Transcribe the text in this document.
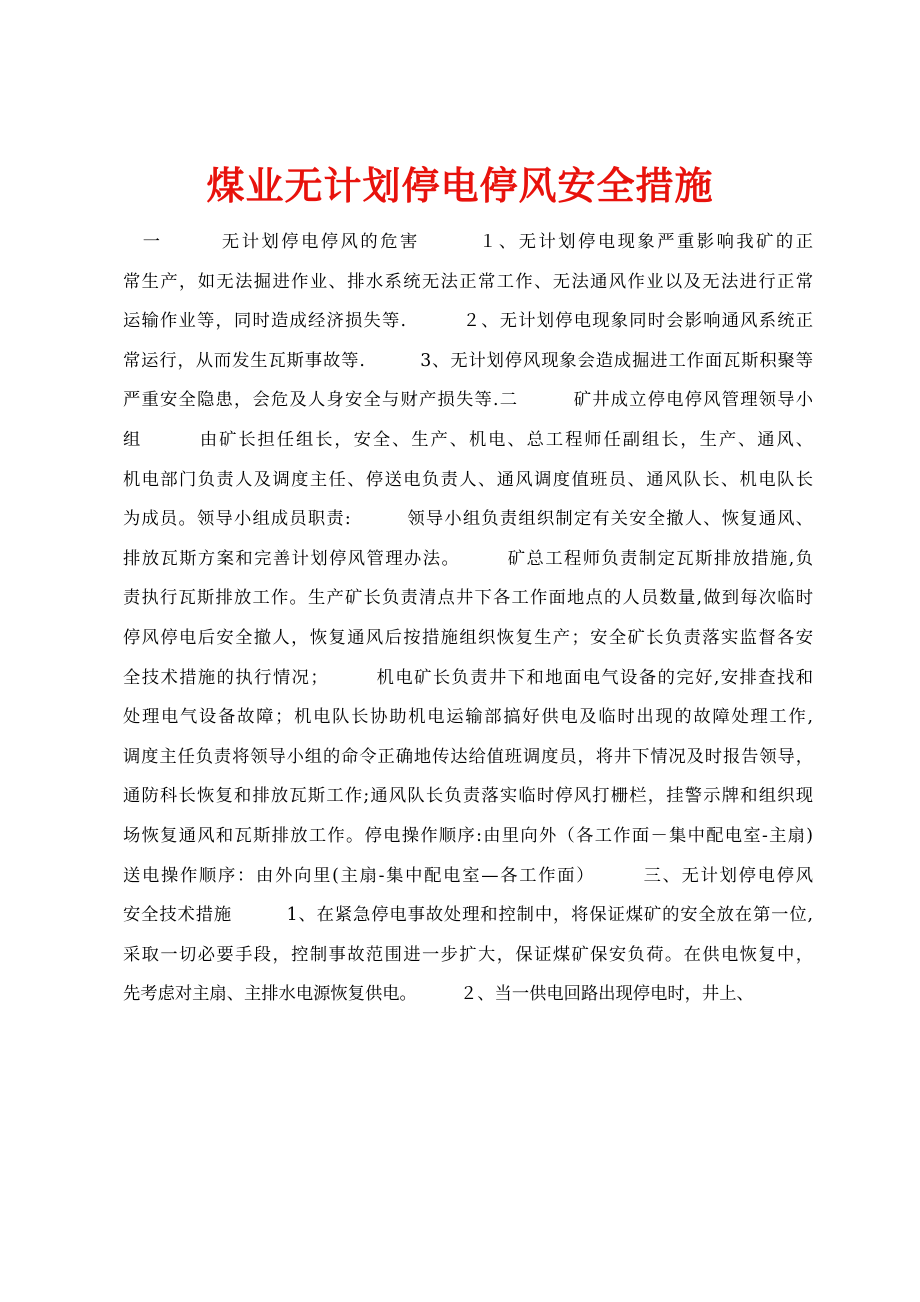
煤业无计划停电停风安全措施
　一　　　无计划停电停风的危害　　　１、无计划停电现象严重影响我矿的正
常生产，如无法掘进作业、排水系统无法正常工作、无法通风作业以及无法进行正常
运输作业等，同时造成经济损失等.　　　２、无计划停电现象同时会影响通风系统正
常运行，从而发生瓦斯事故等.　　　3、无计划停风现象会造成掘进工作面瓦斯积聚等
严重安全隐患，会危及人身安全与财产损失等.二　　　矿井成立停电停风管理领导小
组　　　由矿长担任组长，安全、生产、机电、总工程师任副组长，生产、通风、
机电部门负责人及调度主任、停送电负责人、通风调度值班员、通风队长、机电队长
为成员。领导小组成员职责:　　　领导小组负责组织制定有关安全撤人、恢复通风、
排放瓦斯方案和完善计划停风管理办法。　　　矿总工程师负责制定瓦斯排放措施,负
责执行瓦斯排放工作。生产矿长负责清点井下各工作面地点的人员数量,做到每次临时
停风停电后安全撤人，恢复通风后按措施组织恢复生产；安全矿长负责落实监督各安
全技术措施的执行情况；　　　机电矿长负责井下和地面电气设备的完好,安排查找和
处理电气设备故障；机电队长协助机电运输部搞好供电及临时出现的故障处理工作,
调度主任负责将领导小组的命令正确地传达给值班调度员，将井下情况及时报告领导，
通防科长恢复和排放瓦斯工作;通风队长负责落实临时停风打栅栏，挂警示牌和组织现
场恢复通风和瓦斯排放工作。停电操作顺序:由里向外（各工作面－集中配电室-主扇)
送电操作顺序：由外向里(主扇-集中配电室—各工作面）　　　三、无计划停电停风
安全技术措施　　　1、在紧急停电事故处理和控制中，将保证煤矿的安全放在第一位,
采取一切必要手段，控制事故范围进一步扩大，保证煤矿保安负荷。在供电恢复中，
先考虑对主扇、主排水电源恢复供电。　　　２、当一供电回路出现停电时，井上、
